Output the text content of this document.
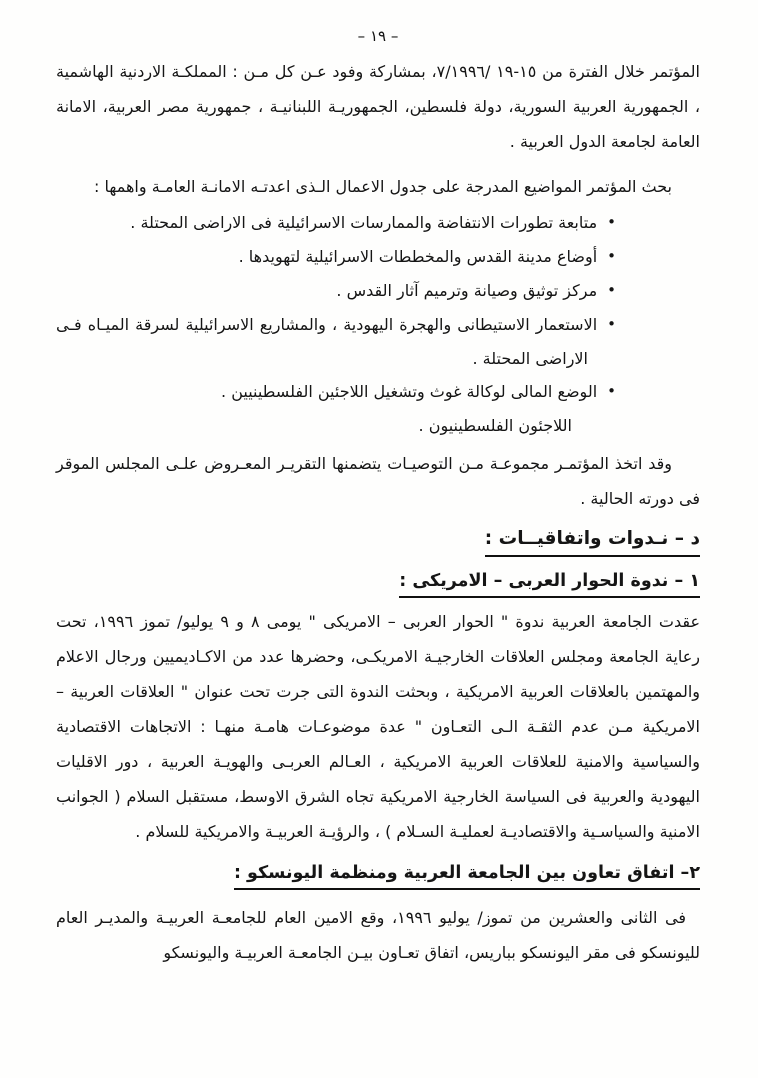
– ١٩ –

المؤتمر خلال الفترة من ١٥-١٩ /٧/١٩٩٦، بمشاركة وفود عـن كل مـن : المملكـة الاردنية الهاشمية ، الجمهورية العربية السورية، دولة فلسطين، الجمهوريـة اللبنانيـة ، جمهورية مصر العربية، الامانة العامة لجامعة الدول العربية .

بحث المؤتمر المواضيع المدرجة على جدول الاعمال الـذى اعدتـه الامانـة العامـة واهمها :

• متابعة تطورات الانتفاضة والممارسات الاسرائيلية فى الاراضى المحتلة .
• أوضاع مدينة القدس والمخططات الاسرائيلية لتهويدها .
• مركز توثيق وصيانة وترميم آثار القدس .
• الاستعمار الاستيطانى والهجرة اليهودية ، والمشاريع الاسرائيلية لسرقة الميـاه فـى الاراضى المحتلة .
• الوضع المالى لوكالة غوث وتشغيل اللاجئين الفلسطينيين .
اللاجئون الفلسطينيون .

وقد اتخذ المؤتمـر مجموعـة مـن التوصيـات يتضمنها التقريـر المعـروض علـى المجلس الموقر فى دورته الحالية .

د – نـدوات واتفاقيــات :
١ – ندوة الحوار العربى – الامريكى :

عقدت الجامعة العربية ندوة " الحوار العربى – الامريكى " يومى ٨ و ٩ يوليو/ تموز ١٩٩٦، تحت رعاية الجامعة ومجلس العلاقات الخارجيـة الامريكـى، وحضرها عدد من الاكـاديميين ورجال الاعلام والمهتمين بالعلاقات العربية الامريكية ، وبحثت الندوة التى جرت تحت عنوان " العلاقات العربية – الامريكية مـن عدم الثقـة الـى التعـاون " عدة موضوعـات هامـة منهـا : الاتجاهات الاقتصادية والسياسية والامنية للعلاقات العربية الامريكية ، العـالم العربـى والهويـة العربية ، دور الاقليات اليهودية والعربية فى السياسة الخارجية الامريكية تجاه الشرق الاوسط، مستقبل السلام ( الجوانب الامنية والسياسـية والاقتصاديـة لعمليـة السـلام ) ، والرؤيـة العربيـة والامريكية للسلام .

٢– اتفاق تعاون بين الجامعة العربية ومنظمة اليونسكو :

فى الثانى والعشرين من تموز/ يوليو ١٩٩٦، وقع الامين العام للجامعـة العربيـة والمديـر العام لليونسكو فى مقر اليونسكو بباريس، اتفاق تعـاون بيـن الجامعـة العربيـة واليونسكو
